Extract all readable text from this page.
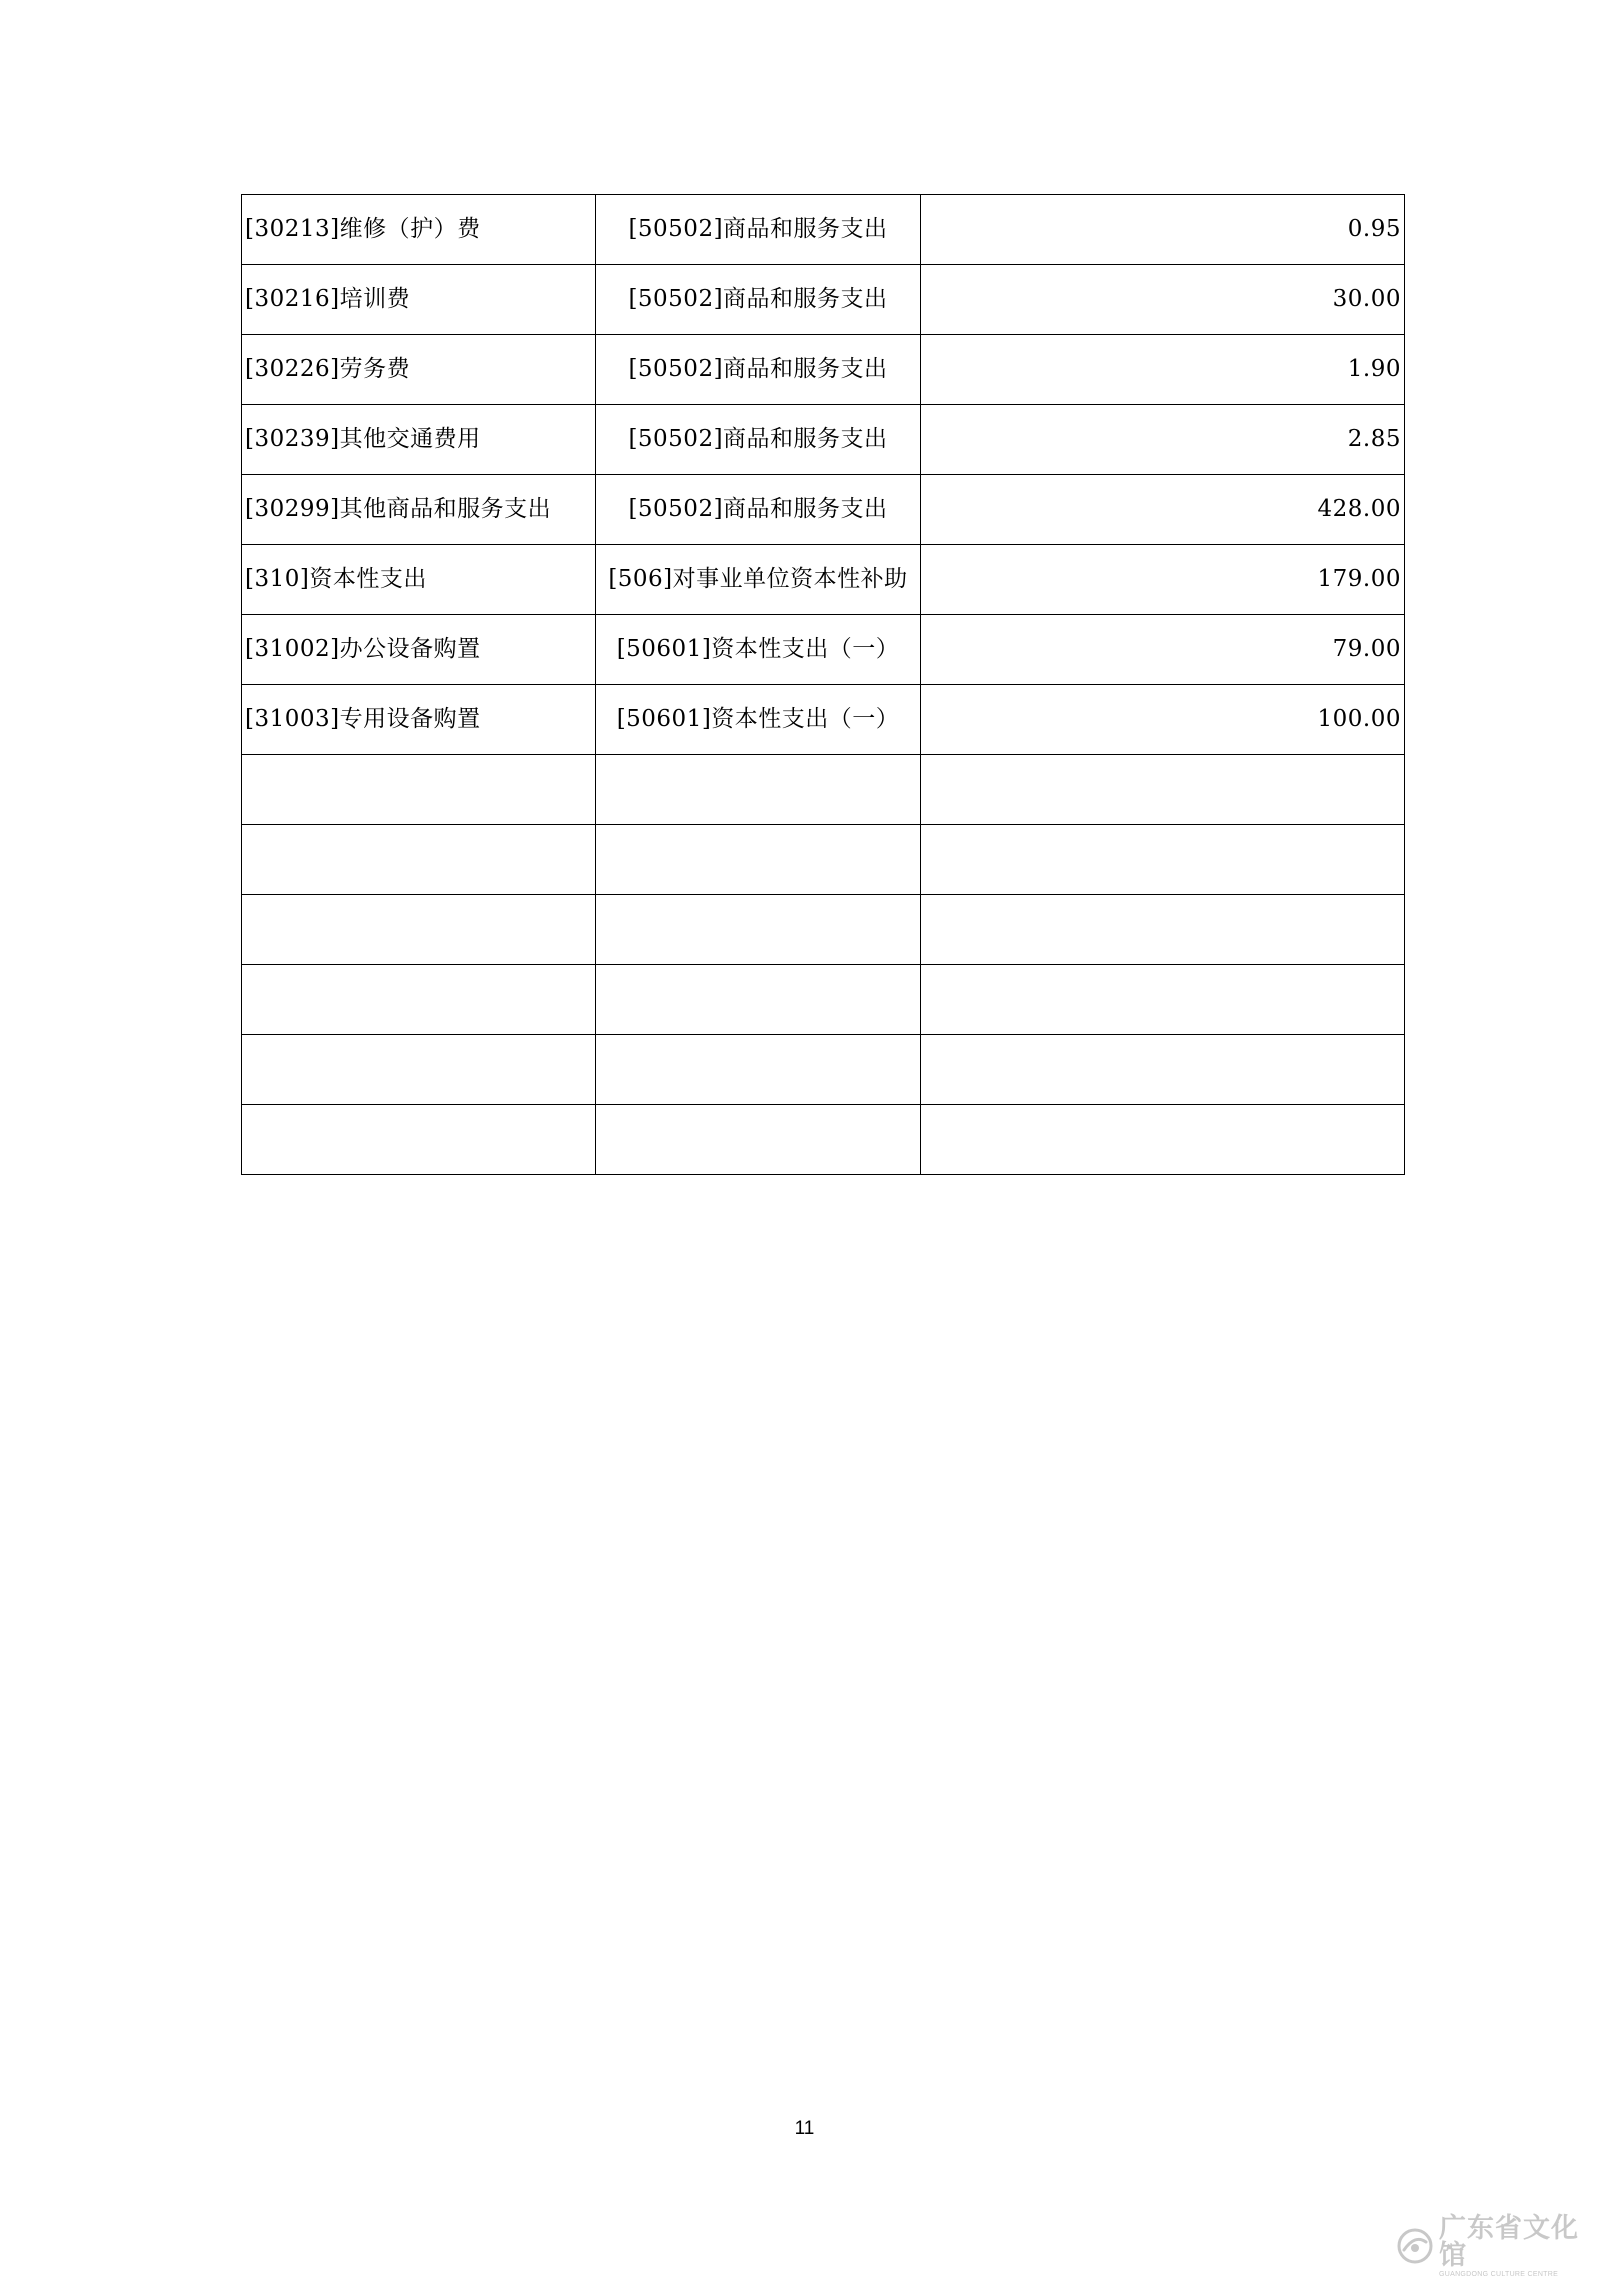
[30213]维修（护）费	[50502]商品和服务支出	0.95
[30216]培训费	[50502]商品和服务支出	30.00
[30226]劳务费	[50502]商品和服务支出	1.90
[30239]其他交通费用	[50502]商品和服务支出	2.85
[30299]其他商品和服务支出	[50502]商品和服务支出	428.00
[310]资本性支出	[506]对事业单位资本性补助	179.00
[31002]办公设备购置	[50601]资本性支出（一）	79.00
[31003]专用设备购置	[50601]资本性支出（一）	100.00

11
广东省文化馆
GUANGDONG CULTURE CENTRE
